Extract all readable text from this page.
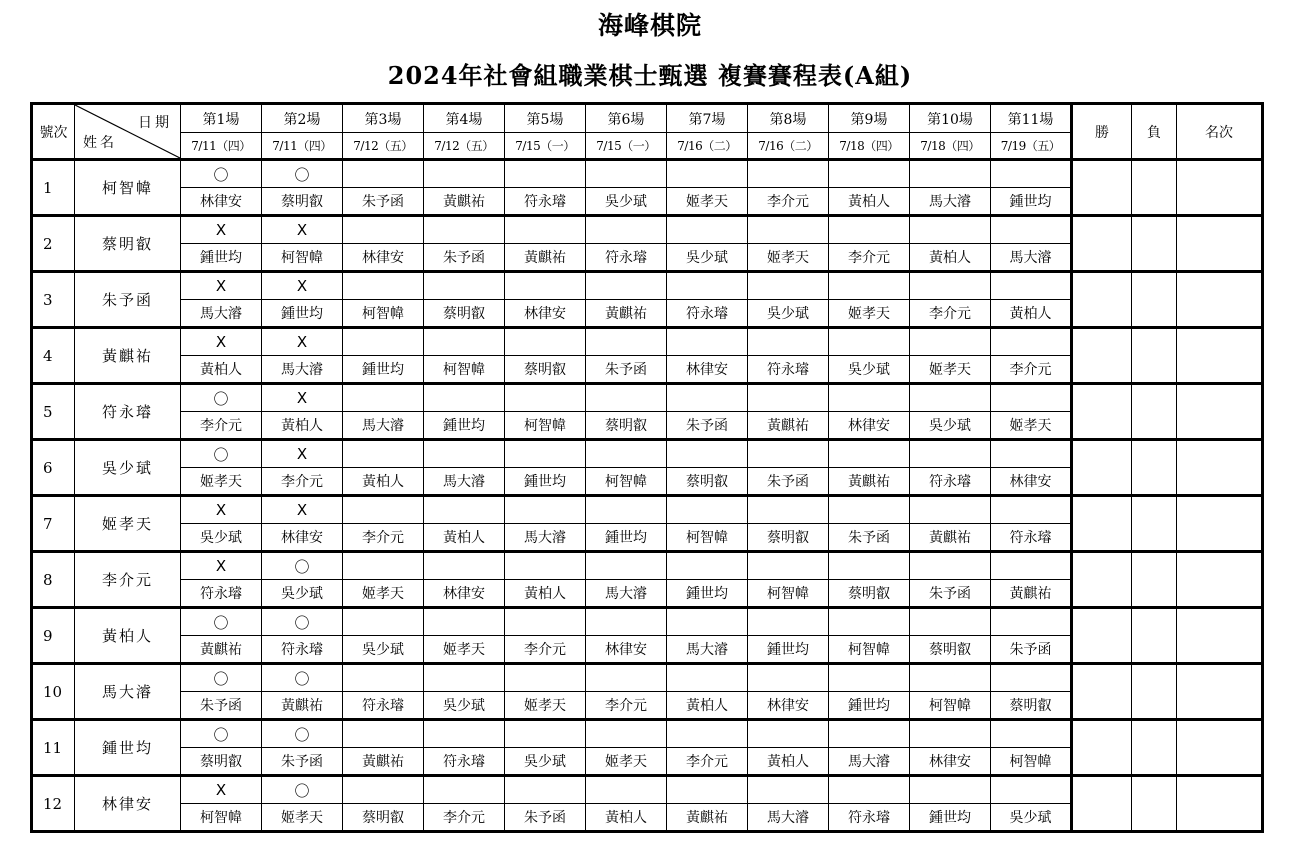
海峰棋院
2024年社會組職業棋士甄選 複賽賽程表(A組)
號次	日期
姓名	第1場	第2場	第3場	第4場	第5場	第6場	第7場	第8場	第9場	第10場	第11場	勝	負	名次
		7/11（四）	7/11（四）	7/12（五）	7/12（五）	7/15（一）	7/15（一）	7/16（二）	7/16（二）	7/18（四）	7/18（四）	7/19（五）			
1	柯智幃	〇	〇												
		林律安	蔡明叡	朱予函	黃麒祐	符永璿	吳少珷	姬孝天	李介元	黃柏人	馬大濬	鍾世均			
2	蔡明叡	X	X												
		鍾世均	柯智幃	林律安	朱予函	黃麒祐	符永璿	吳少珷	姬孝天	李介元	黃柏人	馬大濬			
3	朱予函	X	X												
		馬大濬	鍾世均	柯智幃	蔡明叡	林律安	黃麒祐	符永璿	吳少珷	姬孝天	李介元	黃柏人			
4	黃麒祐	X	X												
		黃柏人	馬大濬	鍾世均	柯智幃	蔡明叡	朱予函	林律安	符永璿	吳少珷	姬孝天	李介元			
5	符永璿	〇	X												
		李介元	黃柏人	馬大濬	鍾世均	柯智幃	蔡明叡	朱予函	黃麒祐	林律安	吳少珷	姬孝天			
6	吳少珷	〇	X												
		姬孝天	李介元	黃柏人	馬大濬	鍾世均	柯智幃	蔡明叡	朱予函	黃麒祐	符永璿	林律安			
7	姬孝天	X	X												
		吳少珷	林律安	李介元	黃柏人	馬大濬	鍾世均	柯智幃	蔡明叡	朱予函	黃麒祐	符永璿			
8	李介元	X	〇												
		符永璿	吳少珷	姬孝天	林律安	黃柏人	馬大濬	鍾世均	柯智幃	蔡明叡	朱予函	黃麒祐			
9	黃柏人	〇	〇												
		黃麒祐	符永璿	吳少珷	姬孝天	李介元	林律安	馬大濬	鍾世均	柯智幃	蔡明叡	朱予函			
10	馬大濬	〇	〇												
		朱予函	黃麒祐	符永璿	吳少珷	姬孝天	李介元	黃柏人	林律安	鍾世均	柯智幃	蔡明叡			
11	鍾世均	〇	〇												
		蔡明叡	朱予函	黃麒祐	符永璿	吳少珷	姬孝天	李介元	黃柏人	馬大濬	林律安	柯智幃			
12	林律安	X	〇												
		柯智幃	姬孝天	蔡明叡	李介元	朱予函	黃柏人	黃麒祐	馬大濬	符永璿	鍾世均	吳少珷			
